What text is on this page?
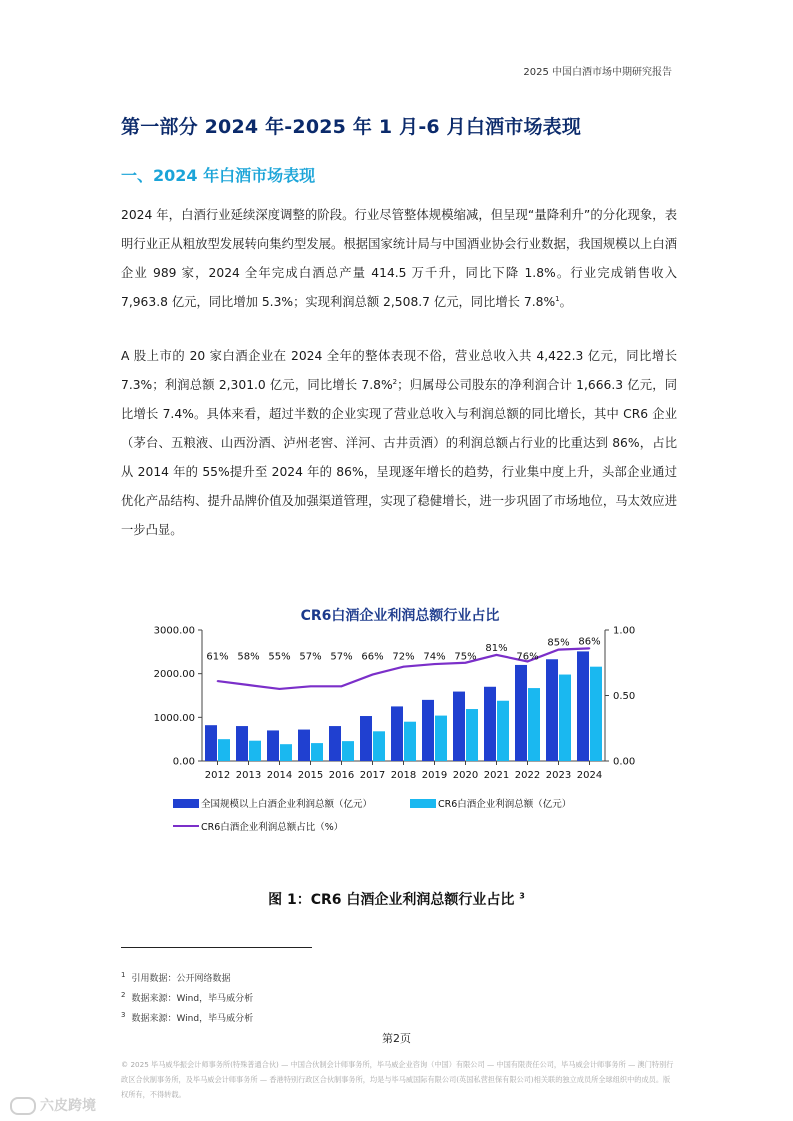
2025 中国白酒市场中期研究报告
第一部分 2024 年-2025 年 1 月-6 月白酒市场表现
一、2024 年白酒市场表现
2024 年，白酒行业延续深度调整的阶段。行业尽管整体规模缩减，但呈现“量降利升”的分化现象，表明行业正从粗放型发展转向集约型发展。根据国家统计局与中国酒业协会行业数据，我国规模以上白酒企业 989 家，2024 全年完成白酒总产量 414.5 万千升，同比下降 1.8%。行业完成销售收入 7,963.8 亿元，同比增加 5.3%；实现利润总额 2,508.7 亿元，同比增长 7.8%$^1$。
A 股上市的 20 家白酒企业在 2024 全年的整体表现不俗，营业总收入共 4,422.3 亿元，同比增长 7.3%；利润总额 2,301.0 亿元，同比增长 7.8%$^2$；归属母公司股东的净利润合计 1,666.3 亿元，同比增长 7.4%。具体来看，超过半数的企业实现了营业总收入与利润总额的同比增长，其中 CR6 企业（茅台、五粮液、山西汾酒、泸州老窖、洋河、古井贡酒）的利润总额占行业的比重达到 86%，占比从 2014 年的 55%提升至 2024 年的 86%，呈现逐年增长的趋势，行业集中度上升，头部企业通过优化产品结构、提升品牌价值及加强渠道管理，实现了稳健增长，进一步巩固了市场地位，马太效应进一步凸显。
CR6白酒企业利润总额行业占比
0.00
1000.00
2000.00
3000.00
0.00
0.50
1.00
2012 2013 2014 2015 2016 2017 2018 2019 2020 2021 2022 2023 2024
61% 58% 55% 57% 57% 66% 72% 74% 75%
81%
76%
85% 86%
全国规模以上白酒企业利润总额（亿元）	CR6白酒企业利润总额（亿元）
CR6白酒企业利润总额占比（%）
图 1：CR6 白酒企业利润总额行业占比 $^3$
$^1$ 引用数据：公开网络数据
$^2$ 数据来源：Wind，毕马威分析
$^3$ 数据来源：Wind，毕马威分析
第2页
© 2025 毕马威华振会计师事务所(特殊普通合伙) — 中国合伙制会计师事务所，毕马威企业咨询（中国）有限公司 — 中国有限责任公司，毕马威会计师事务所 — 澳门特别行政区合伙制事务所，及毕马威会计师事务所 — 香港特别行政区合伙制事务所，均是与毕马威国际有限公司(英国私营担保有限公司)相关联的独立成员所全球组织中的成员。版权所有，不得转载。
六皮跨境
